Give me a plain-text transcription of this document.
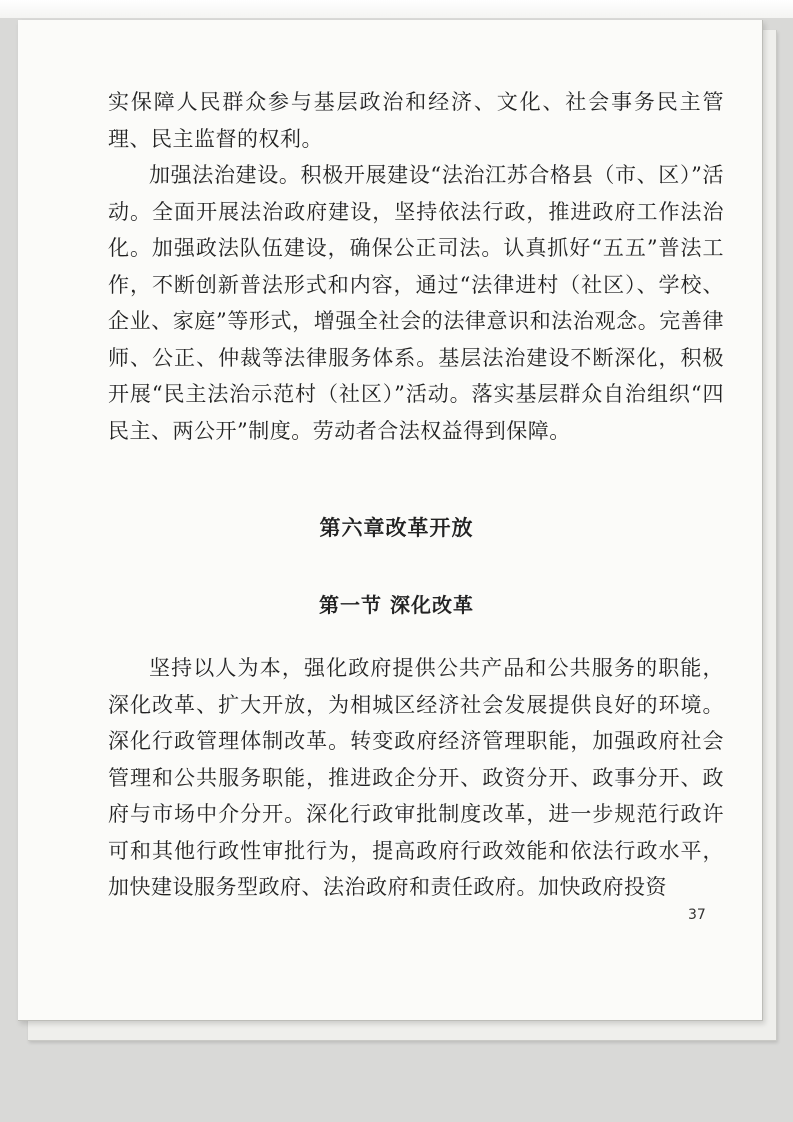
实保障人民群众参与基层政治和经济、文化、社会事务民主管理、民主监督的权利。

加强法治建设。积极开展建设“法治江苏合格县（市、区）”活动。全面开展法治政府建设，坚持依法行政，推进政府工作法治化。加强政法队伍建设，确保公正司法。认真抓好“五五”普法工作，不断创新普法形式和内容，通过“法律进村（社区）、学校、企业、家庭”等形式，增强全社会的法律意识和法治观念。完善律师、公正、仲裁等法律服务体系。基层法治建设不断深化，积极开展“民主法治示范村（社区）”活动。落实基层群众自治组织“四民主、两公开”制度。劳动者合法权益得到保障。

第六章改革开放
第一节 深化改革

坚持以人为本，强化政府提供公共产品和公共服务的职能，深化改革、扩大开放，为相城区经济社会发展提供良好的环境。深化行政管理体制改革。转变政府经济管理职能，加强政府社会管理和公共服务职能，推进政企分开、政资分开、政事分开、政府与市场中介分开。深化行政审批制度改革，进一步规范行政许可和其他行政性审批行为，提高政府行政效能和依法行政水平，加快建设服务型政府、法治政府和责任政府。加快政府投资

37
